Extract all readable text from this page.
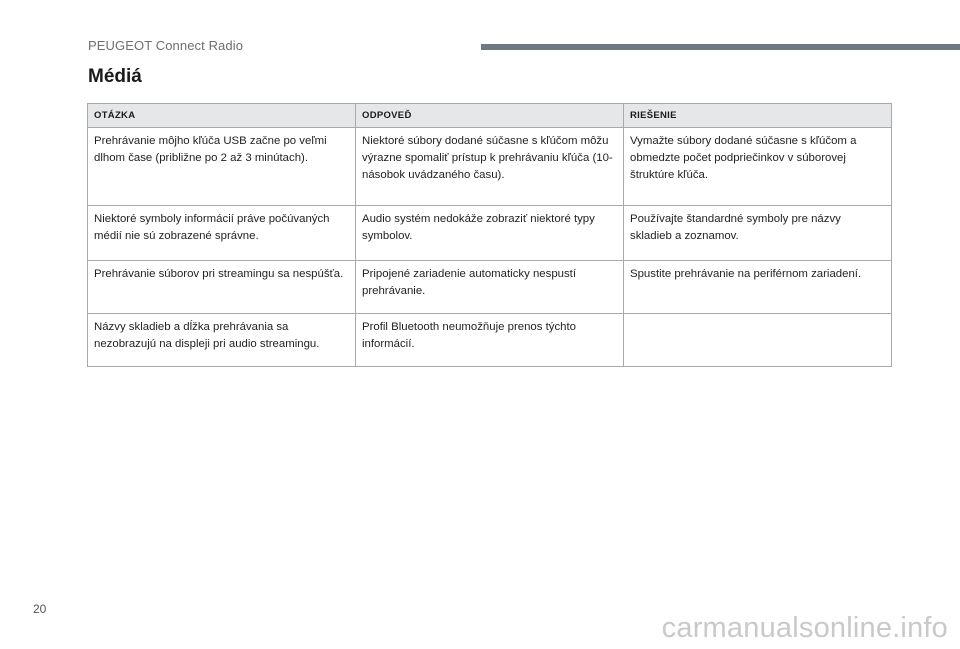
PEUGEOT Connect Radio
Médiá
OTÁZKA	ODPOVEĎ	RIEŠENIE
Prehrávanie môjho kľúča USB začne po veľmi dlhom čase (približne po 2 až 3 minútach).	Niektoré súbory dodané súčasne s kľúčom môžu výrazne spomaliť prístup k prehrávaniu kľúča (10-násobok uvádzaného času).	Vymažte súbory dodané súčasne s kľúčom a obmedzte počet podpriečinkov v súborovej štruktúre kľúča.
Niektoré symboly informácií práve počúvaných médií nie sú zobrazené správne.	Audio systém nedokáže zobraziť niektoré typy symbolov.	Používajte štandardné symboly pre názvy skladieb a zoznamov.
Prehrávanie súborov pri streamingu sa nespúšťa.	Pripojené zariadenie automaticky nespustí prehrávanie.	Spustite prehrávanie na periférnom zariadení.
Názvy skladieb a dĺžka prehrávania sa nezobrazujú na displeji pri audio streamingu.	Profil Bluetooth neumožňuje prenos týchto informácií.	
20
carmanualsonline.info
